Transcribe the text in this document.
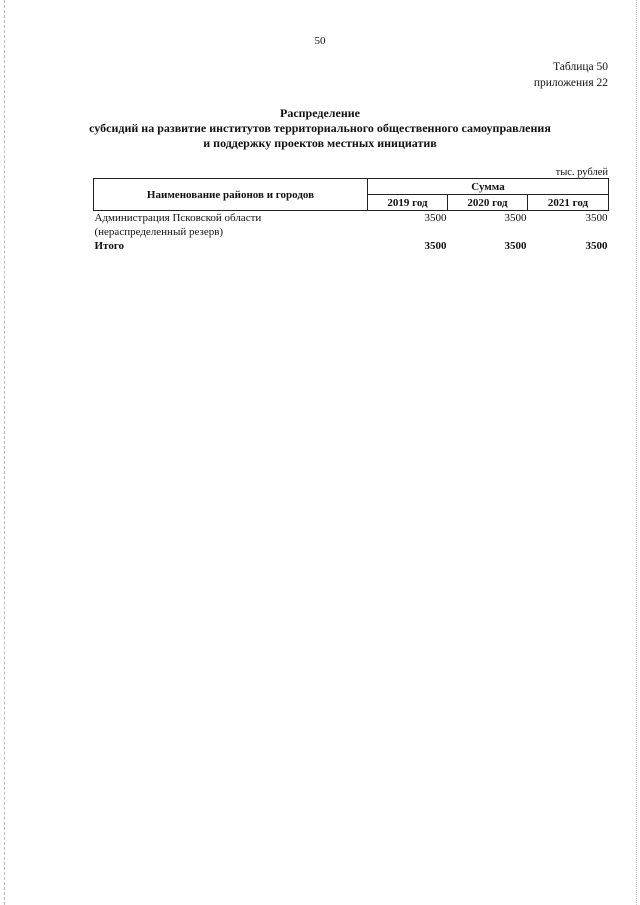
50
Таблица 50
приложения 22
Распределение
субсидий на развитие институтов территориального общественного самоуправления
и поддержку проектов местных инициатив
тыс. рублей
Наименование районов и городов	Сумма		
	2019 год	2020 год	2021 год

Администрация Псковской области
(нераспределенный резерв)	3500	3500	3500
Итого	3500	3500	3500
